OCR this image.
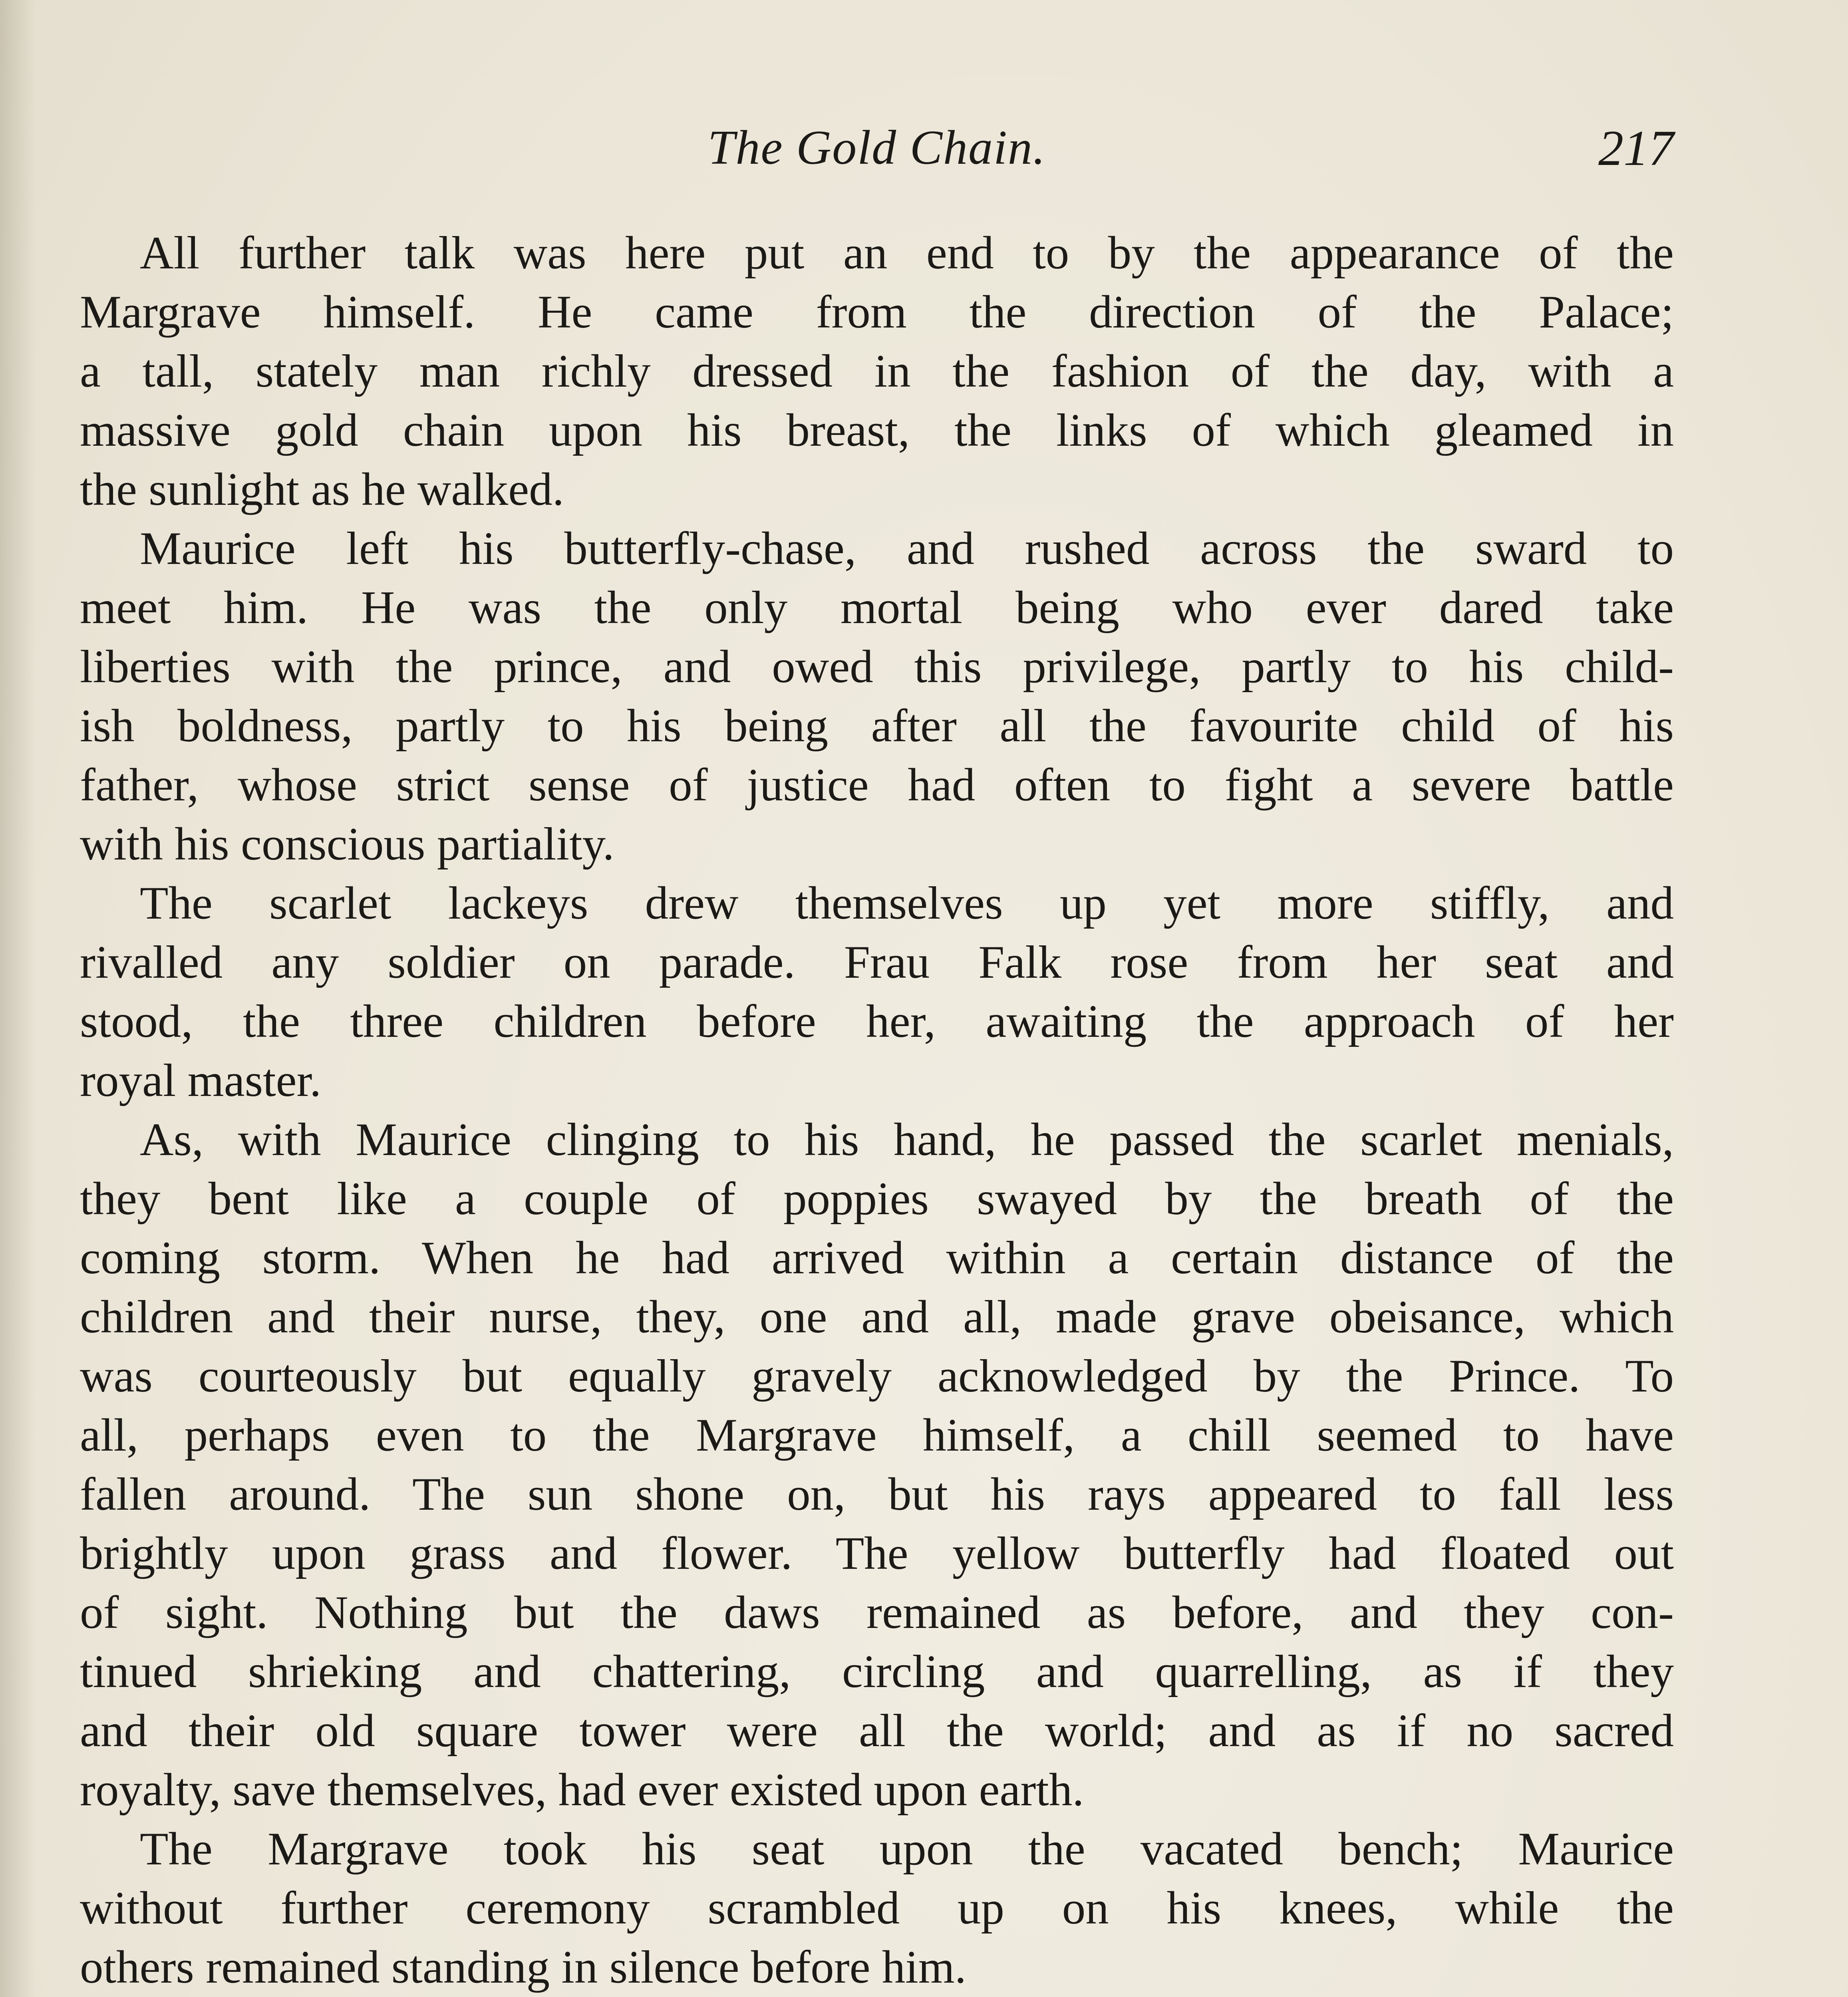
The Gold Chain.	217
All further talk was here put an end to by the appearance of the
Margrave himself. He came from the direction of the Palace;
a tall, stately man richly dressed in the fashion of the day, with a
massive gold chain upon his breast, the links of which gleamed in
the sunlight as he walked.
Maurice left his butterfly-chase, and rushed across the sward to
meet him. He was the only mortal being who ever dared take
liberties with the prince, and owed this privilege, partly to his child-
ish boldness, partly to his being after all the favourite child of his
father, whose strict sense of justice had often to fight a severe battle
with his conscious partiality.
The scarlet lackeys drew themselves up yet more stiffly, and
rivalled any soldier on parade. Frau Falk rose from her seat and
stood, the three children before her, awaiting the approach of her
royal master.
As, with Maurice clinging to his hand, he passed the scarlet menials,
they bent like a couple of poppies swayed by the breath of the
coming storm. When he had arrived within a certain distance of the
children and their nurse, they, one and all, made grave obeisance, which
was courteously but equally gravely acknowledged by the Prince. To
all, perhaps even to the Margrave himself, a chill seemed to have
fallen around. The sun shone on, but his rays appeared to fall less
brightly upon grass and flower. The yellow butterfly had floated out
of sight. Nothing but the daws remained as before, and they con-
tinued shrieking and chattering, circling and quarrelling, as if they
and their old square tower were all the world; and as if no sacred
royalty, save themselves, had ever existed upon earth.
The Margrave took his seat upon the vacated bench; Maurice
without further ceremony scrambled up on his knees, while the
others remained standing in silence before him.
